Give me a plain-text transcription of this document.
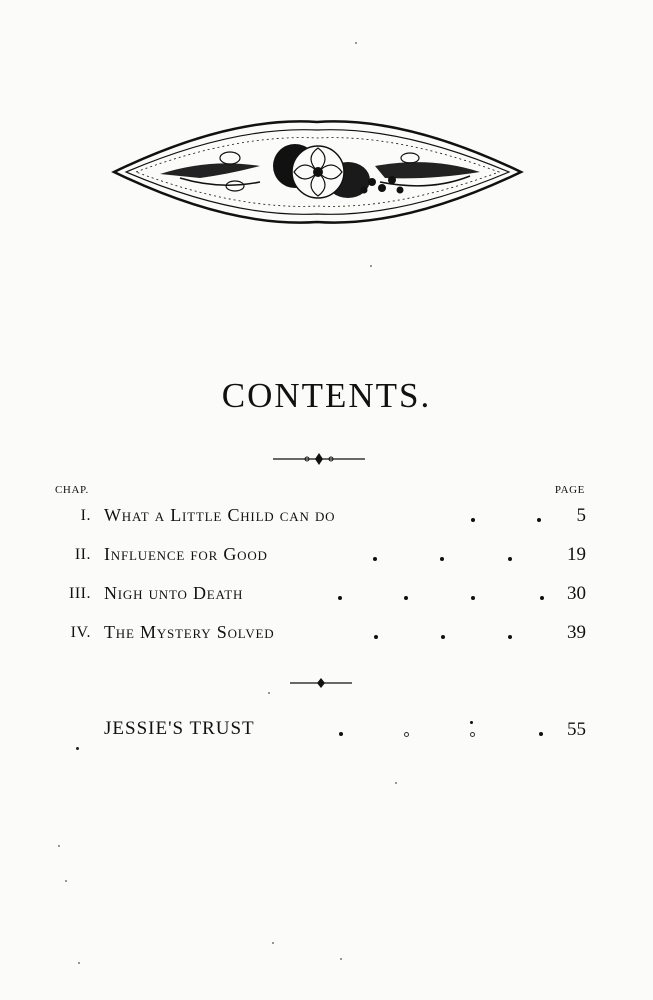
CONTENTS.
CHAP.	PAGE
I. What a Little Child can do	5
II. Influence for Good	19
III. Nigh unto Death	30
IV. The Mystery Solved	39
JESSIE'S TRUST	55
